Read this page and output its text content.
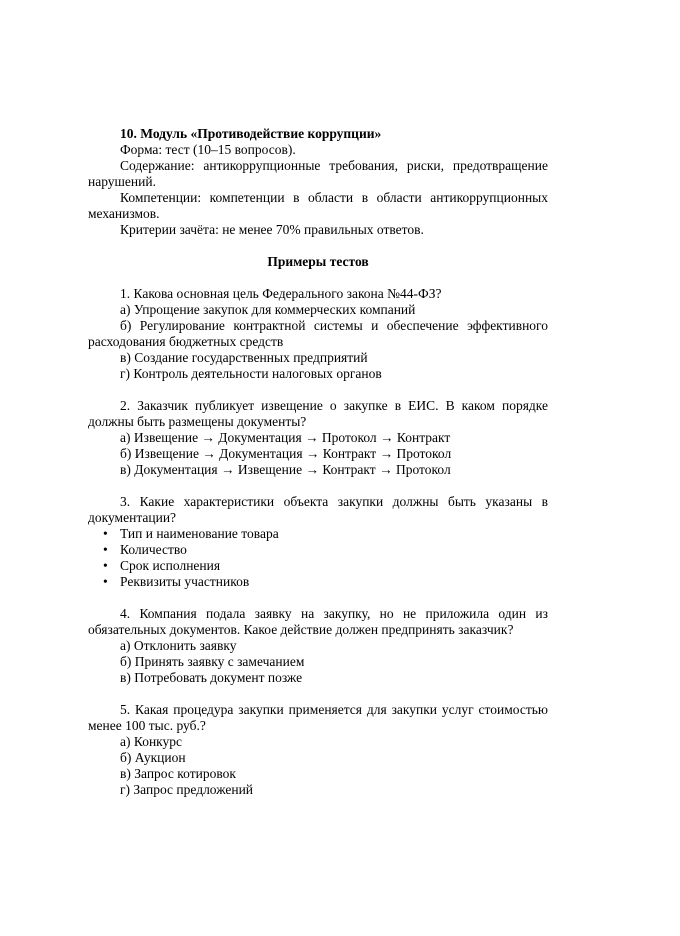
10. Модуль «Противодействие коррупции»

Форма: тест (10–15 вопросов).

Содержание: антикоррупционные требования, риски, предотвращение нарушений.

Компетенции: компетенции в области в области антикоррупционных механизмов.

Критерии зачёта: не менее 70% правильных ответов.

Примеры тестов

1. Какова основная цель Федерального закона №44-ФЗ?

а) Упрощение закупок для коммерческих компаний

б) Регулирование контрактной системы и обеспечение эффективного расходования бюджетных средств

в) Создание государственных предприятий

г) Контроль деятельности налоговых органов

2. Заказчик публикует извещение о закупке в ЕИС. В каком порядке должны быть размещены документы?

а) Извещение → Документация → Протокол → Контракт

б) Извещение → Документация → Контракт → Протокол

в) Документация → Извещение → Контракт → Протокол

3. Какие характеристики объекта закупки должны быть указаны в документации?

• Тип и наименование товара
• Количество
• Срок исполнения
• Реквизиты участников

4. Компания подала заявку на закупку, но не приложила один из обязательных документов. Какое действие должен предпринять заказчик?

а) Отклонить заявку

б) Принять заявку с замечанием

в) Потребовать документ позже

5. Какая процедура закупки применяется для закупки услуг стоимостью менее 100 тыс. руб.?

а) Конкурс

б) Аукцион

в) Запрос котировок

г) Запрос предложений
